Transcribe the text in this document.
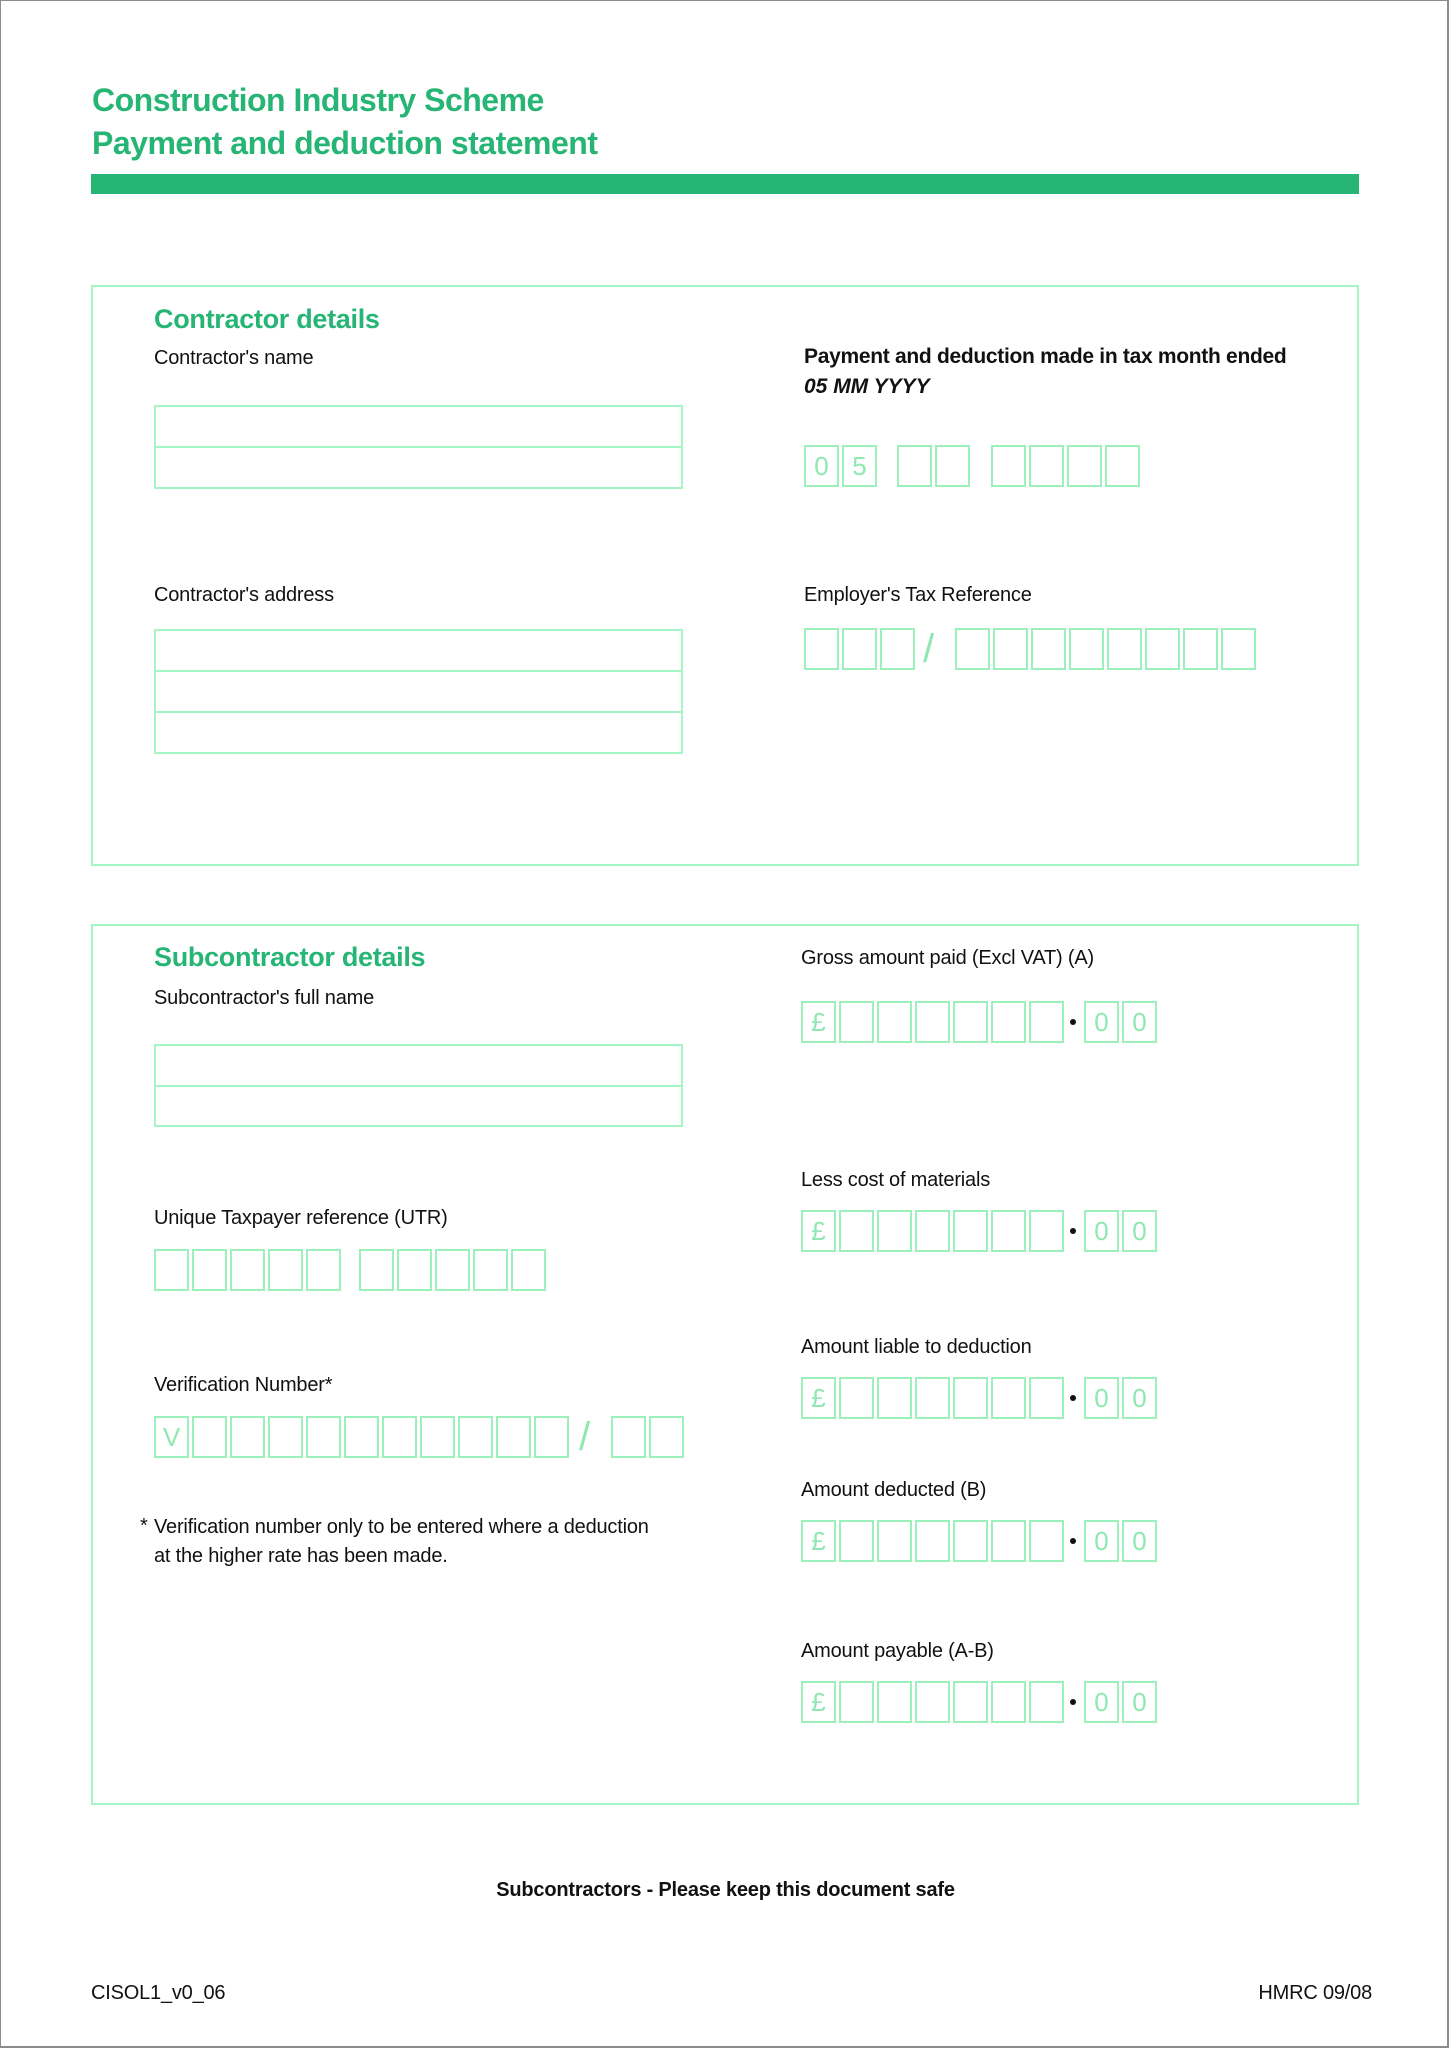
Construction Industry Scheme
Payment and deduction statement
Contractor details
Contractor's name
Contractor's address
Payment and deduction made in tax month ended
05 MM YYYY
0 5
Employer's Tax Reference
/
Subcontractor details
Subcontractor's full name
Unique Taxpayer reference (UTR)
Verification Number*
V	/
* Verification number only to be entered where a deduction
at the higher rate has been made.
Gross amount paid (Excl VAT) (A)
£	0 0
Less cost of materials
£	0 0
Amount liable to deduction
£	0 0
Amount deducted (B)
£	0 0
Amount payable (A-B)
£	0 0
Subcontractors - Please keep this document safe
CISOL1_v0_06	HMRC 09/08
